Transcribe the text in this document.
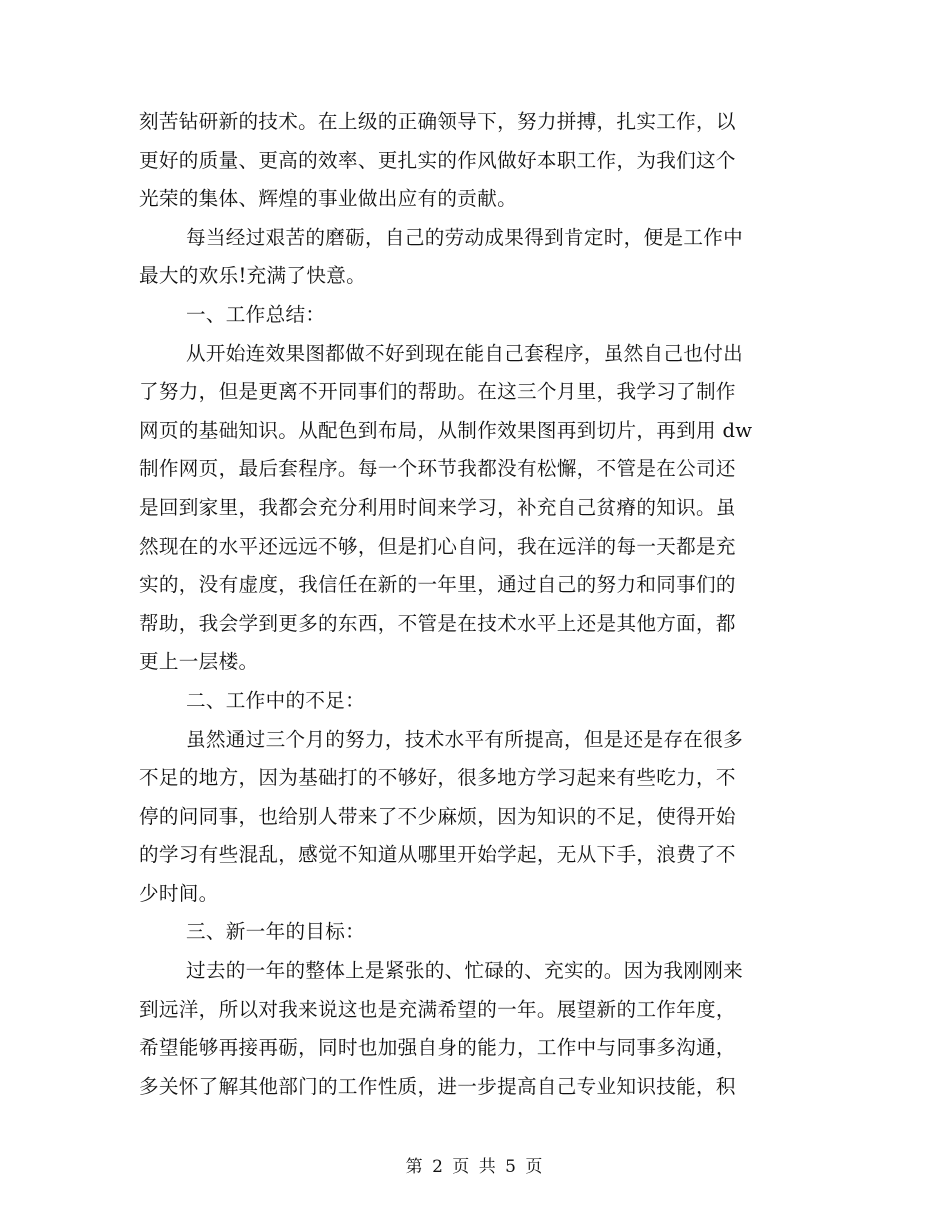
刻苦钻研新的技术。在上级的正确领导下，努力拼搏，扎实工作，以
更好的质量、更高的效率、更扎实的作风做好本职工作，为我们这个
光荣的集体、辉煌的事业做出应有的贡献。
每当经过艰苦的磨砺，自己的劳动成果得到肯定时，便是工作中
最大的欢乐!充满了快意。
一、工作总结：
从开始连效果图都做不好到现在能自己套程序，虽然自己也付出
了努力，但是更离不开同事们的帮助。在这三个月里，我学习了制作
网页的基础知识。从配色到布局，从制作效果图再到切片，再到用 dw
制作网页，最后套程序。每一个环节我都没有松懈，不管是在公司还
是回到家里，我都会充分利用时间来学习，补充自己贫瘠的知识。虽
然现在的水平还远远不够，但是扪心自问，我在远洋的每一天都是充
实的，没有虚度，我信任在新的一年里，通过自己的努力和同事们的
帮助，我会学到更多的东西，不管是在技术水平上还是其他方面，都
更上一层楼。
二、工作中的不足：
虽然通过三个月的努力，技术水平有所提高，但是还是存在很多
不足的地方，因为基础打的不够好，很多地方学习起来有些吃力，不
停的问同事，也给别人带来了不少麻烦，因为知识的不足，使得开始
的学习有些混乱，感觉不知道从哪里开始学起，无从下手，浪费了不
少时间。
三、新一年的目标：
过去的一年的整体上是紧张的、忙碌的、充实的。因为我刚刚来
到远洋，所以对我来说这也是充满希望的一年。展望新的工作年度，
希望能够再接再砺，同时也加强自身的能力，工作中与同事多沟通，
多关怀了解其他部门的工作性质，进一步提高自己专业知识技能，积
第 2 页 共 5 页
